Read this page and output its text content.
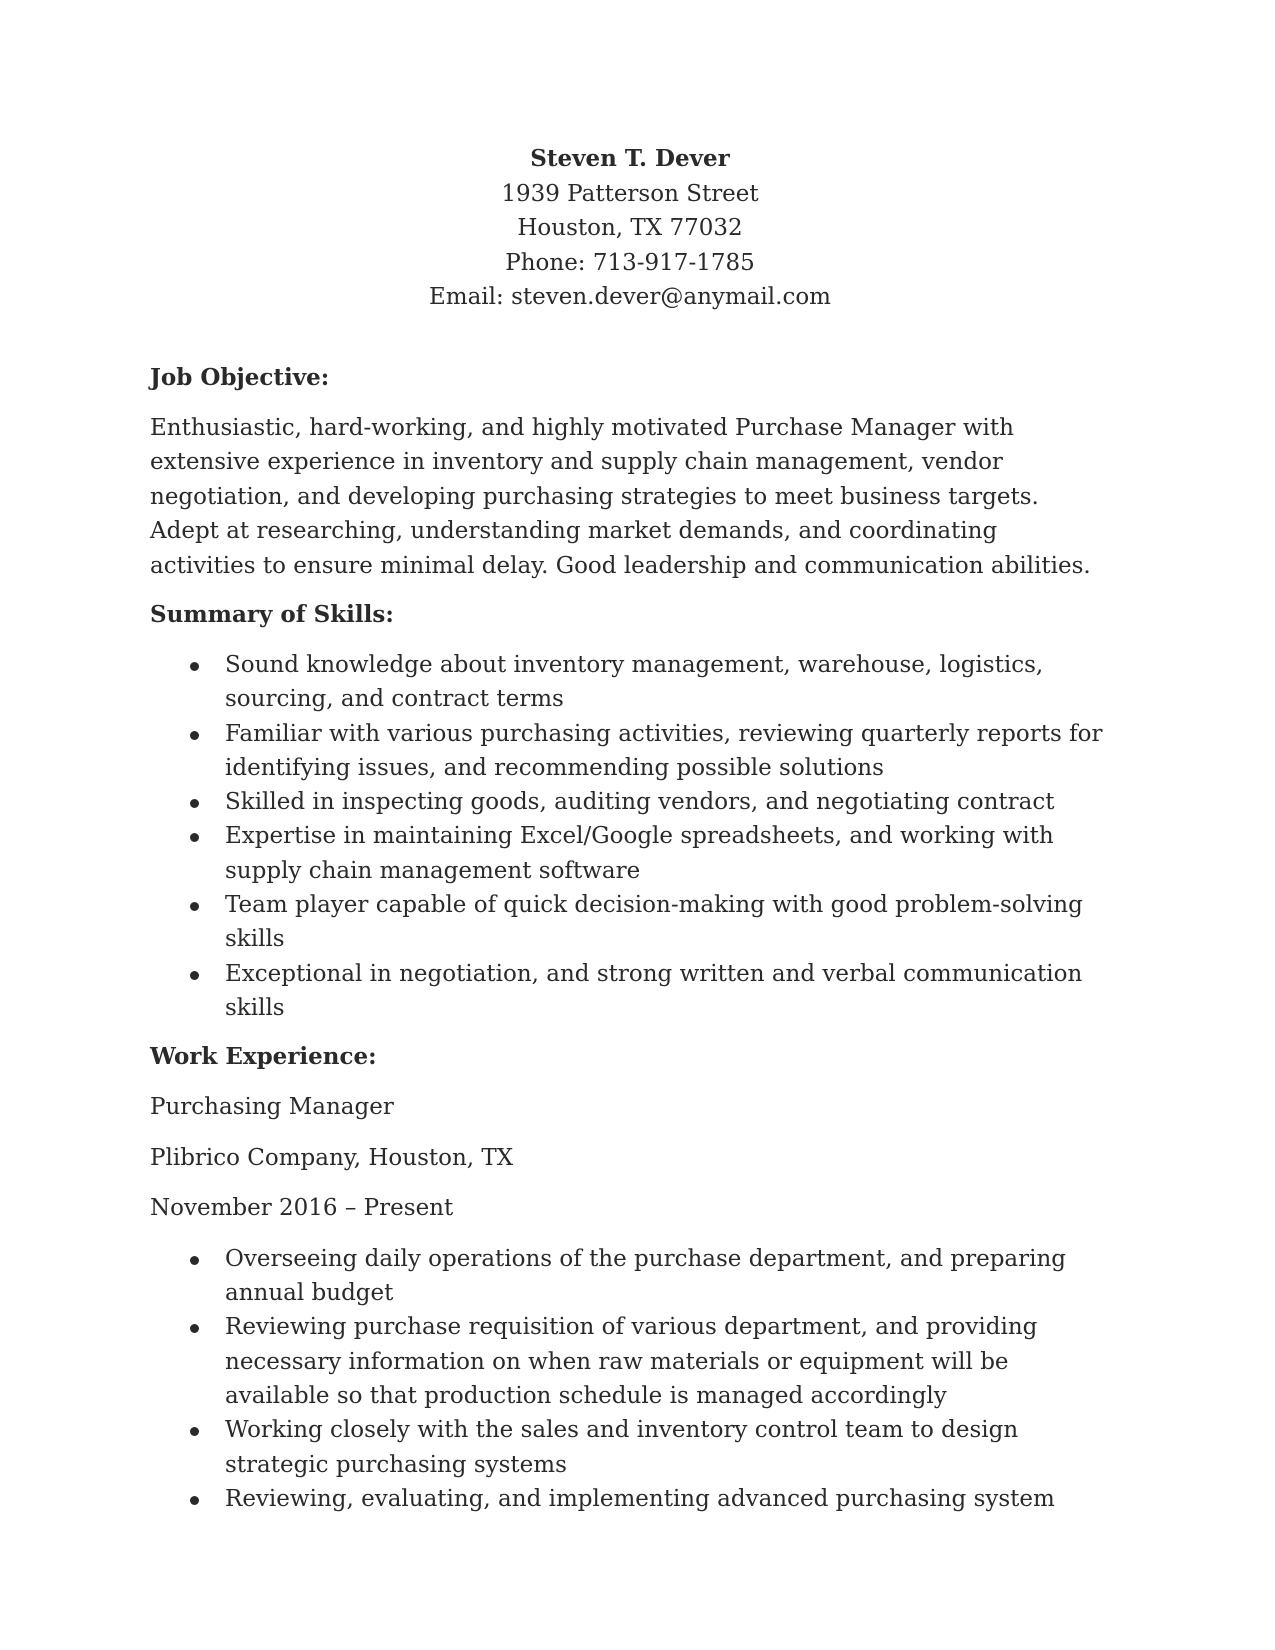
Steven T. Dever
1939 Patterson Street
Houston, TX 77032
Phone: 713-917-1785
Email: steven.dever@anymail.com
Job Objective:

Enthusiastic, hard-working, and highly motivated Purchase Manager with extensive experience in inventory and supply chain management, vendor negotiation, and developing purchasing strategies to meet business targets. Adept at researching, understanding market demands, and coordinating activities to ensure minimal delay. Good leadership and communication abilities.

Summary of Skills:
Sound knowledge about inventory management, warehouse, logistics, sourcing, and contract terms
Familiar with various purchasing activities, reviewing quarterly reports for identifying issues, and recommending possible solutions
Skilled in inspecting goods, auditing vendors, and negotiating contract
Expertise in maintaining Excel/Google spreadsheets, and working with supply chain management software
Team player capable of quick decision-making with good problem-solving skills
Exceptional in negotiation, and strong written and verbal communication skills
Work Experience:

Purchasing Manager

Plibrico Company, Houston, TX

November 2016 – Present

Overseeing daily operations of the purchase department, and preparing annual budget
Reviewing purchase requisition of various department, and providing necessary information on when raw materials or equipment will be available so that production schedule is managed accordingly
Working closely with the sales and inventory control team to design strategic purchasing systems
Reviewing, evaluating, and implementing advanced purchasing system
